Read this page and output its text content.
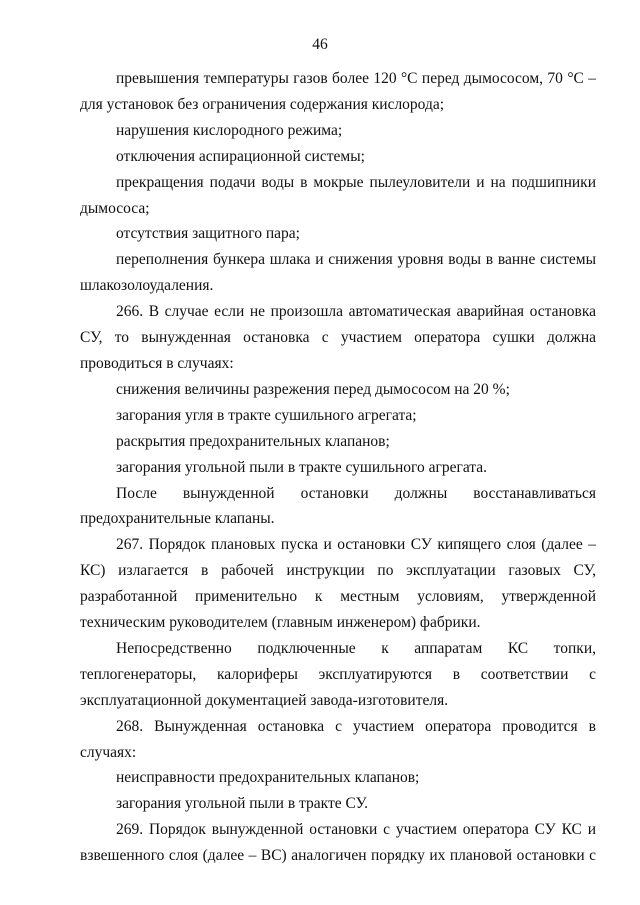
46

превышения температуры газов более 120 °С перед дымососом, 70 °С – для установок без ограничения содержания кислорода;

нарушения кислородного режима;

отключения аспирационной системы;

прекращения подачи воды в мокрые пылеуловители и на подшипники дымососа;

отсутствия защитного пара;

переполнения бункера шлака и снижения уровня воды в ванне системы шлакозолоудаления.

266. В случае если не произошла автоматическая аварийная остановка СУ, то вынужденная остановка с участием оператора сушки должна проводиться в случаях:

снижения величины разрежения перед дымососом на 20 %;

загорания угля в тракте сушильного агрегата;

раскрытия предохранительных клапанов;

загорания угольной пыли в тракте сушильного агрегата.

После вынужденной остановки должны восстанавливаться предохранительные клапаны.

267. Порядок плановых пуска и остановки СУ кипящего слоя (далее – КС) излагается в рабочей инструкции по эксплуатации газовых СУ, разработанной применительно к местным условиям, утвержденной техническим руководителем (главным инженером) фабрики.

Непосредственно подключенные к аппаратам КС топки, теплогенераторы, калориферы эксплуатируются в соответствии с эксплуатационной документацией завода-изготовителя.

268. Вынужденная остановка с участием оператора проводится в случаях:

неисправности предохранительных клапанов;

загорания угольной пыли в тракте СУ.

269. Порядок вынужденной остановки с участием оператора СУ КС и взвешенного слоя (далее – ВС) аналогичен порядку их плановой остановки с
